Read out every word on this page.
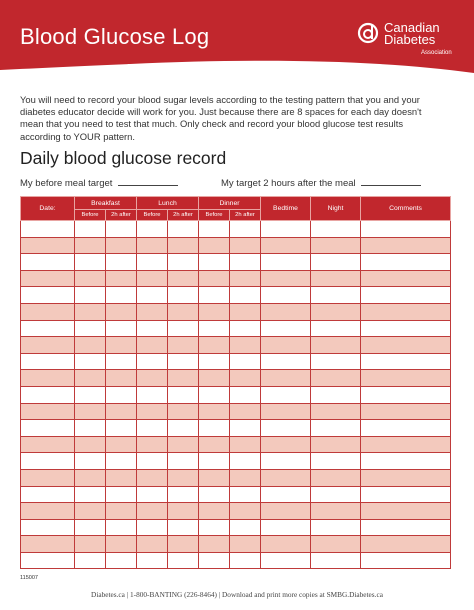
Blood Glucose Log	Canadian
Diabetes
Association
You will need to record your blood sugar levels according to the testing pattern that you and your diabetes educator decide will work for you. Just because there are 8 spaces for each day doesn't mean that you need to test that much. Only check and record your blood glucose test results according to YOUR pattern.
Daily blood glucose record
My before meal target	My target 2 hours after the meal
Date:	Breakfast		Lunch		Dinner		Bedtime	Night	Comments
	Before	2h after	Before	2h after	Before	2h after			

115007
Diabetes.ca | 1-800-BANTING (226-8464) | Download and print more copies at SMBG.Diabetes.ca
